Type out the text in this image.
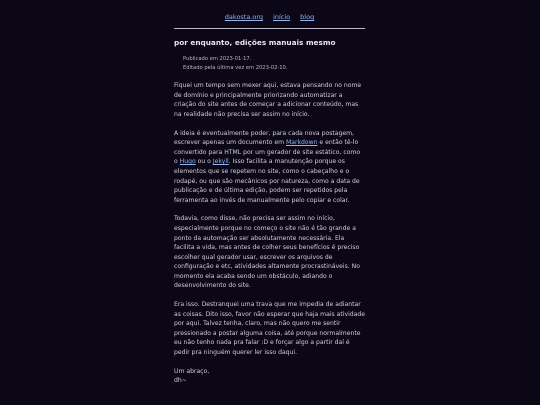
dakosta.org início blog
por enquanto, edições manuais mesmo
Publicado em 2023-01-17.
Editado pela última vez em 2023-02-10.

Fiquei um tempo sem mexer aqui, estava pensando no nome de domínio e principalmente priorizando automatizar a criação do site antes de começar a adicionar conteúdo, mas na realidade não precisa ser assim no início.

A ideia é eventualmente poder, para cada nova postagem, escrever apenas um documento em Markdown e então tê-lo convertido para HTML por um gerador de site estático, como o Hugo ou o Jekyll. Isso facilita a manutenção porque os elementos que se repetem no site, como o cabeçalho e o rodapé, ou que são mecânicos por natureza, como a data de publicação e de última edição, podem ser repetidos pela ferramenta ao invés de manualmente pelo copiar e colar.

Todavia, como disse, não precisa ser assim no início, especialmente porque no começo o site não é tão grande a ponto da automação ser absolutamente necessária. Ela facilita a vida, mas antes de colher seus benefícios é preciso escolher qual gerador usar, escrever os arquivos de configuração e etc, atividades altamente procrastináveis. No momento ela acaba sendo um obstáculo, adiando o desenvolvimento do site.

Era isso. Destranquei uma trava que me impedia de adiantar as coisas. Dito isso, favor não esperar que haja mais atividade por aqui. Talvez tenha, claro, mas não quero me sentir pressionado a postar alguma coisa, até porque normalmente eu não tenho nada pra falar :D e forçar algo a partir daí é pedir pra ninguém querer ler isso daqui.

Um abraço,
dh~
